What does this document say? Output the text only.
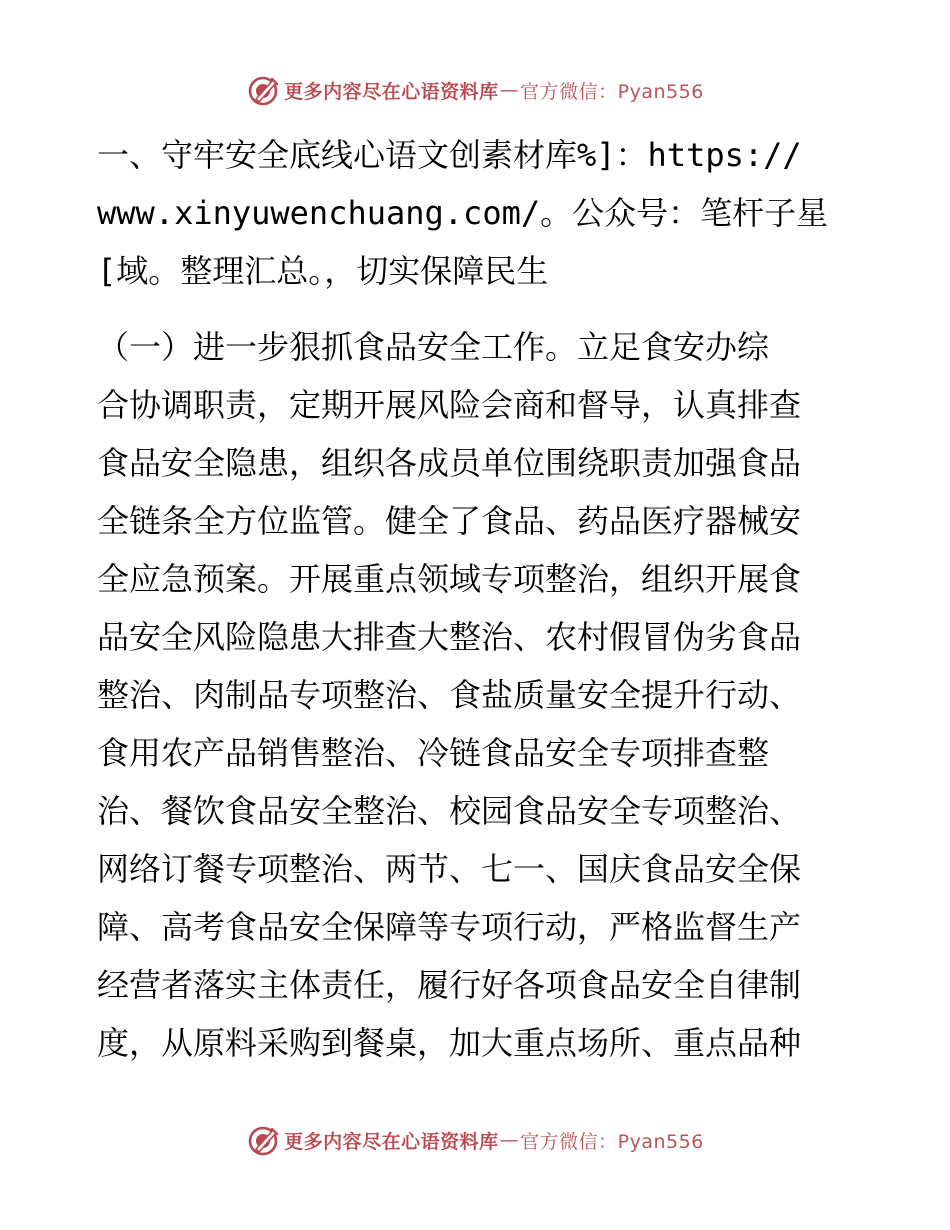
更多内容尽在心语资料库 — 官方微信：Pyan556
一、守牢安全底线心语文创素材库%]：https://
www.xinyuwenchuang.com/。公众号：笔杆子星
[域。整理汇总。，切实保障民生
（一）进一步狠抓食品安全工作。立足食安办综
合协调职责，定期开展风险会商和督导，认真排查
食品安全隐患，组织各成员单位围绕职责加强食品
全链条全方位监管。健全了食品、药品医疗器械安
全应急预案。开展重点领域专项整治，组织开展食
品安全风险隐患大排查大整治、农村假冒伪劣食品
整治、肉制品专项整治、食盐质量安全提升行动、
食用农产品销售整治、冷链食品安全专项排查整
治、餐饮食品安全整治、校园食品安全专项整治、
网络订餐专项整治、两节、七一、国庆食品安全保
障、高考食品安全保障等专项行动，严格监督生产
经营者落实主体责任，履行好各项食品安全自律制
度，从原料采购到餐桌，加大重点场所、重点品种
更多内容尽在心语资料库 — 官方微信：Pyan556
